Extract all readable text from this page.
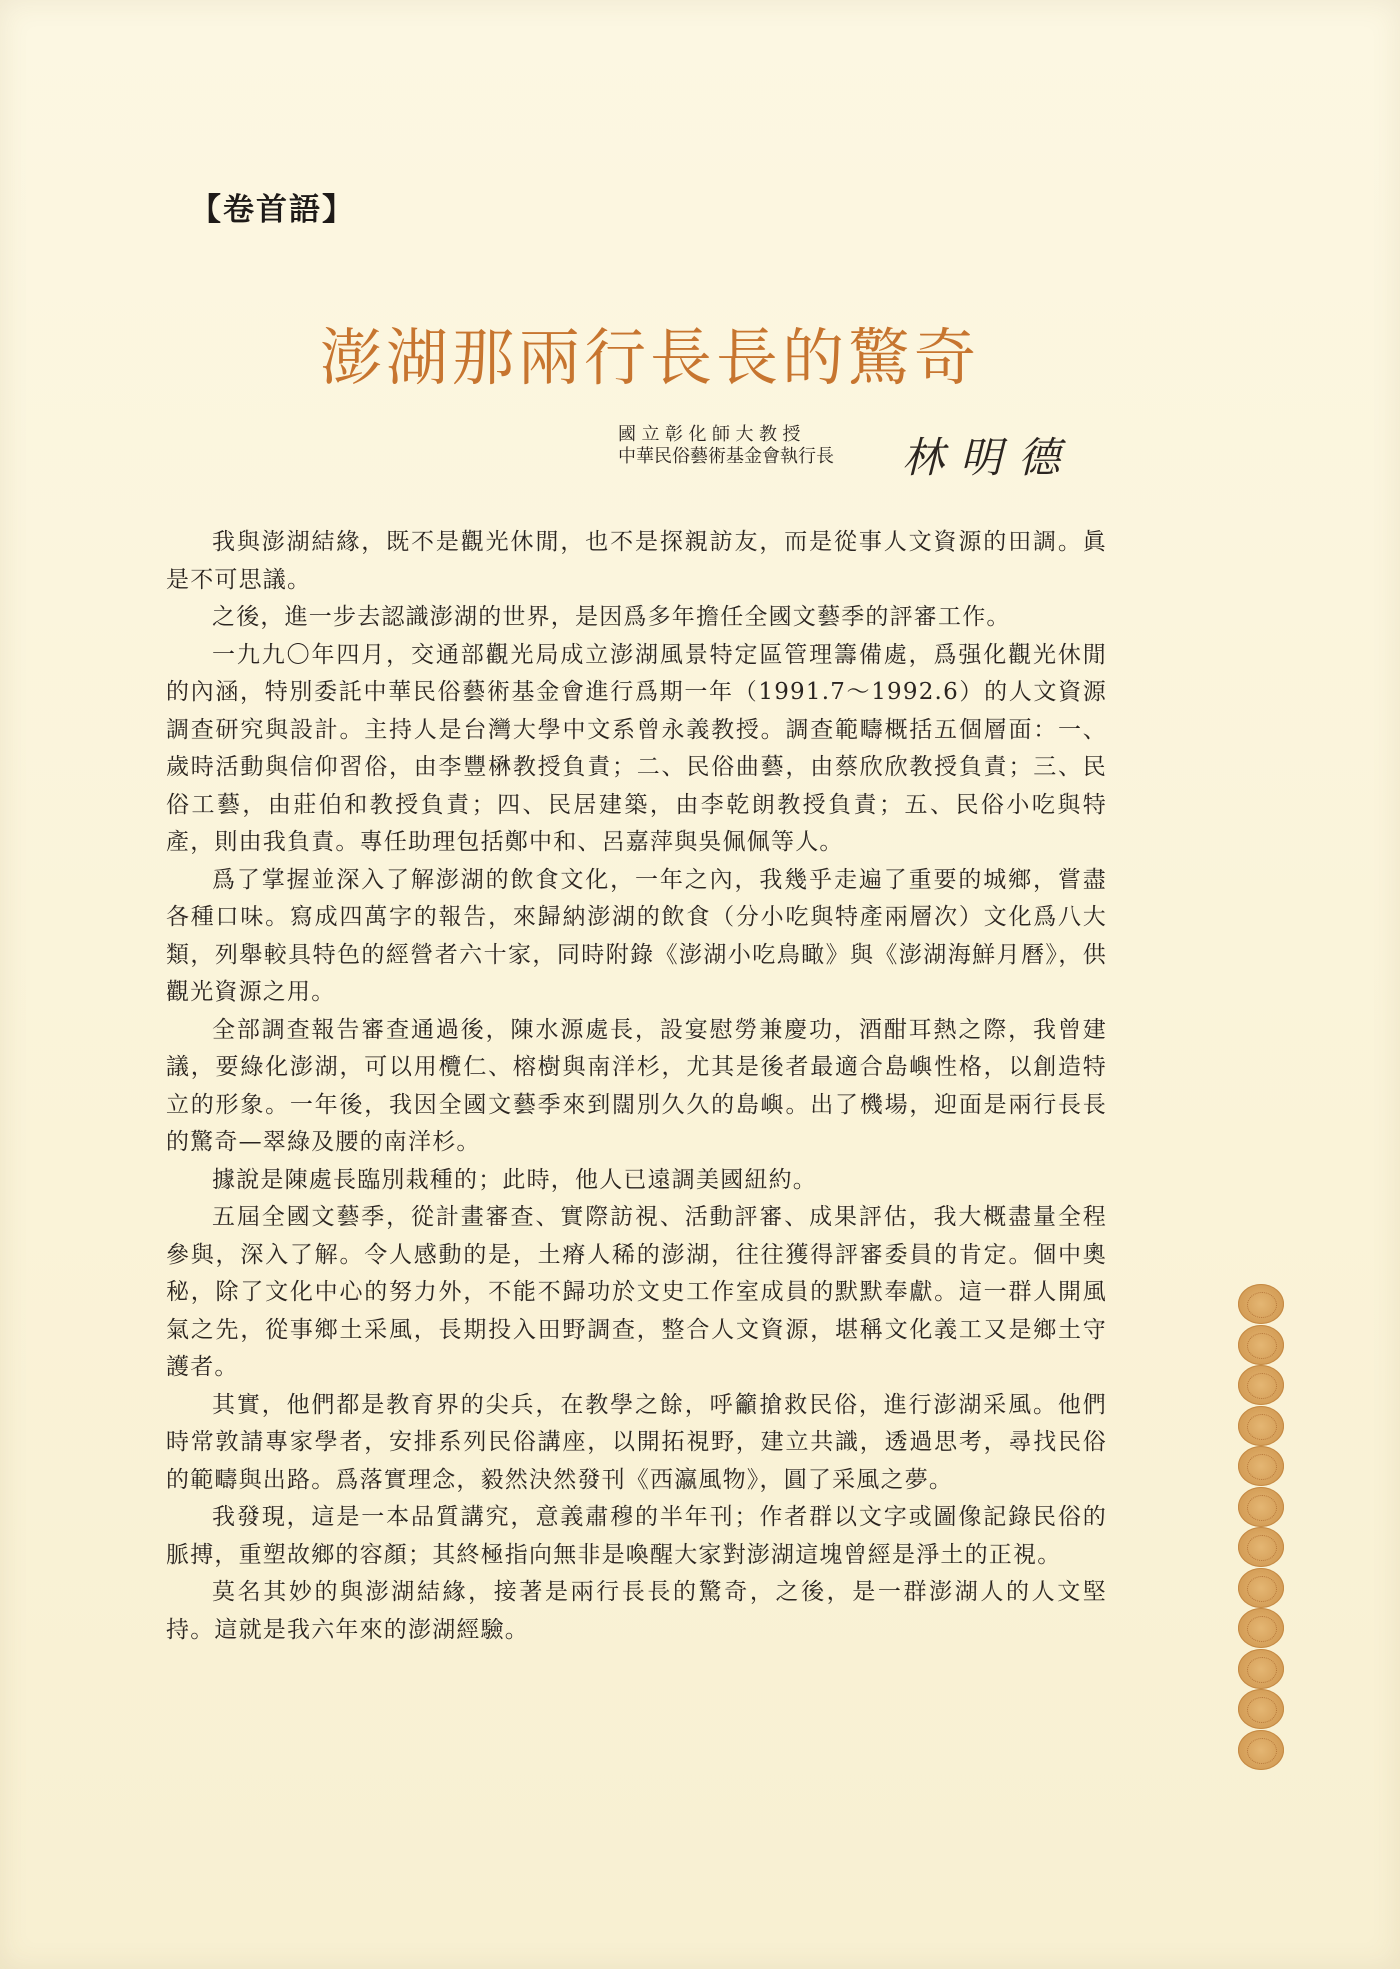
【卷首語】
澎湖那兩行長長的驚奇
國立彰化師大教授
中華民俗藝術基金會執行長	林明德

我與澎湖結緣，既不是觀光休閒，也不是探親訪友，而是從事人文資源的田調。眞是不可思議。

之後，進一步去認識澎湖的世界，是因爲多年擔任全國文藝季的評審工作。

一九九〇年四月，交通部觀光局成立澎湖風景特定區管理籌備處，爲强化觀光休閒的內涵，特別委託中華民俗藝術基金會進行爲期一年（1991.7～1992.6）的人文資源調查研究與設計。主持人是台灣大學中文系曾永義教授。調查範疇概括五個層面：一、歲時活動與信仰習俗，由李豐楙教授負責；二、民俗曲藝，由蔡欣欣教授負責；三、民俗工藝，由莊伯和教授負責；四、民居建築，由李乾朗教授負責；五、民俗小吃與特產，則由我負責。專任助理包括鄭中和、呂嘉萍與吳佩佩等人。

爲了掌握並深入了解澎湖的飲食文化，一年之內，我幾乎走遍了重要的城鄉，嘗盡各種口味。寫成四萬字的報告，來歸納澎湖的飲食（分小吃與特產兩層次）文化爲八大類，列舉較具特色的經營者六十家，同時附錄《澎湖小吃鳥瞰》與《澎湖海鮮月曆》，供觀光資源之用。

全部調查報告審查通過後，陳水源處長，設宴慰勞兼慶功，酒酣耳熱之際，我曾建議，要綠化澎湖，可以用欖仁、榕樹與南洋杉，尤其是後者最適合島嶼性格，以創造特立的形象。一年後，我因全國文藝季來到闊別久久的島嶼。出了機場，迎面是兩行長長的驚奇—翠綠及腰的南洋杉。

據說是陳處長臨別栽種的；此時，他人已遠調美國紐約。

五屆全國文藝季，從計畫審查、實際訪視、活動評審、成果評估，我大概盡量全程參與，深入了解。令人感動的是，土瘠人稀的澎湖，往往獲得評審委員的肯定。個中奧秘，除了文化中心的努力外，不能不歸功於文史工作室成員的默默奉獻。這一群人開風氣之先，從事鄉土采風，長期投入田野調查，整合人文資源，堪稱文化義工又是鄉土守護者。

其實，他們都是教育界的尖兵，在教學之餘，呼籲搶救民俗，進行澎湖采風。他們時常敦請專家學者，安排系列民俗講座，以開拓視野，建立共識，透過思考，尋找民俗的範疇與出路。爲落實理念，毅然決然發刊《西瀛風物》，圓了采風之夢。

我發現，這是一本品質講究，意義肅穆的半年刊；作者群以文字或圖像記錄民俗的脈搏，重塑故鄉的容顏；其終極指向無非是喚醒大家對澎湖這塊曾經是淨土的正視。

莫名其妙的與澎湖結緣，接著是兩行長長的驚奇，之後，是一群澎湖人的人文堅持。這就是我六年來的澎湖經驗。
